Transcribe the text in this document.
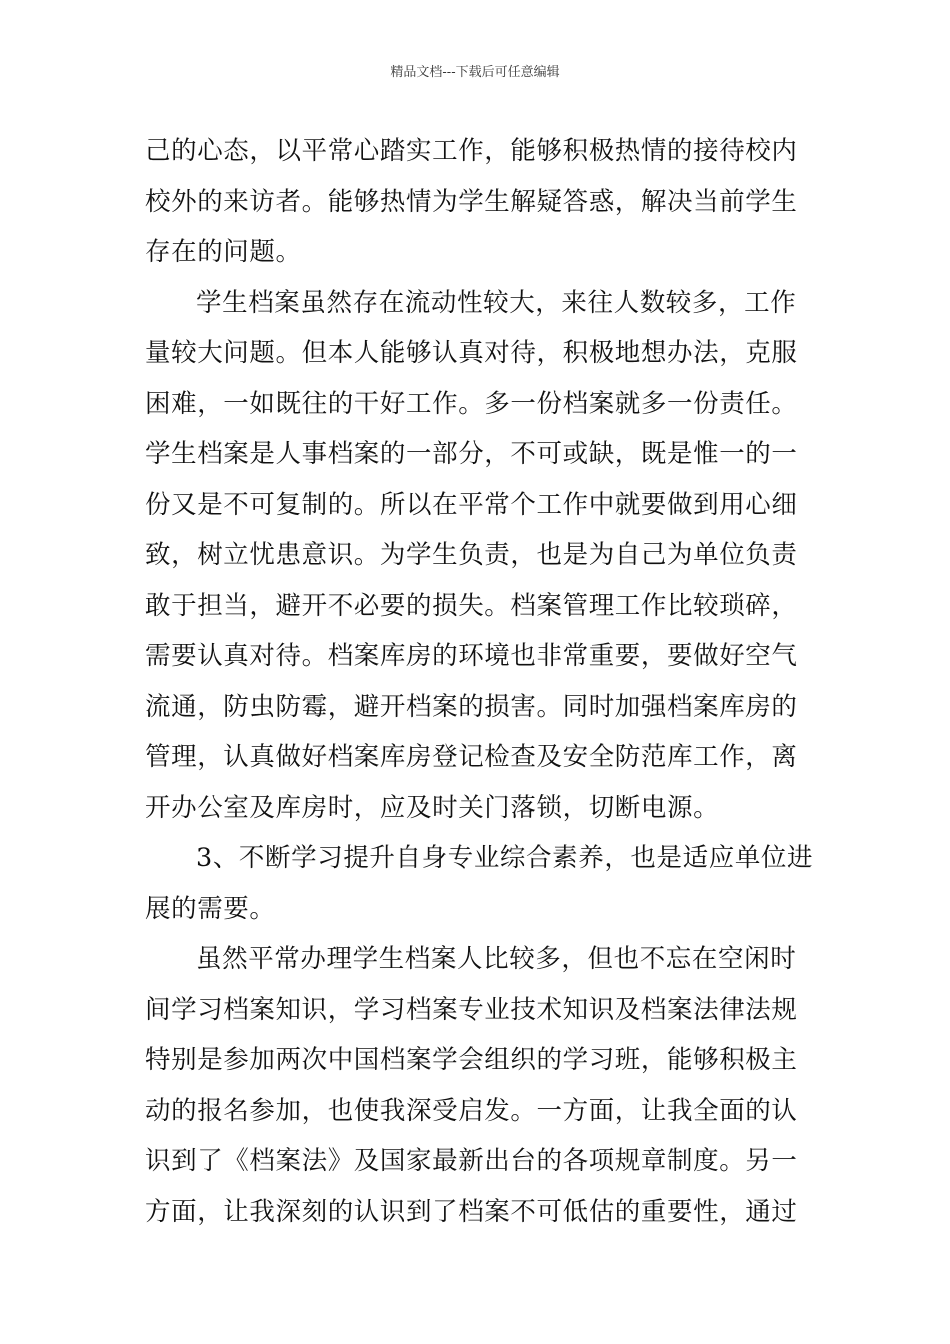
精品文档---下载后可任意编辑
己的心态，以平常心踏实工作，能够积极热情的接待校内
校外的来访者。能够热情为学生解疑答惑，解决当前学生
存在的问题。
学生档案虽然存在流动性较大，来往人数较多，工作
量较大问题。但本人能够认真对待，积极地想办法，克服
困难，一如既往的干好工作。多一份档案就多一份责任。
学生档案是人事档案的一部分，不可或缺，既是惟一的一
份又是不可复制的。所以在平常个工作中就要做到用心细
致，树立忧患意识。为学生负责，也是为自己为单位负责
敢于担当，避开不必要的损失。档案管理工作比较琐碎，
需要认真对待。档案库房的环境也非常重要，要做好空气
流通，防虫防霉，避开档案的损害。同时加强档案库房的
管理，认真做好档案库房登记检查及安全防范库工作，离
开办公室及库房时，应及时关门落锁，切断电源。
3、不断学习提升自身专业综合素养，也是适应单位进
展的需要。
虽然平常办理学生档案人比较多，但也不忘在空闲时
间学习档案知识，学习档案专业技术知识及档案法律法规
特别是参加两次中国档案学会组织的学习班，能够积极主
动的报名参加，也使我深受启发。一方面，让我全面的认
识到了《档案法》及国家最新出台的各项规章制度。另一
方面，让我深刻的认识到了档案不可低估的重要性，通过
